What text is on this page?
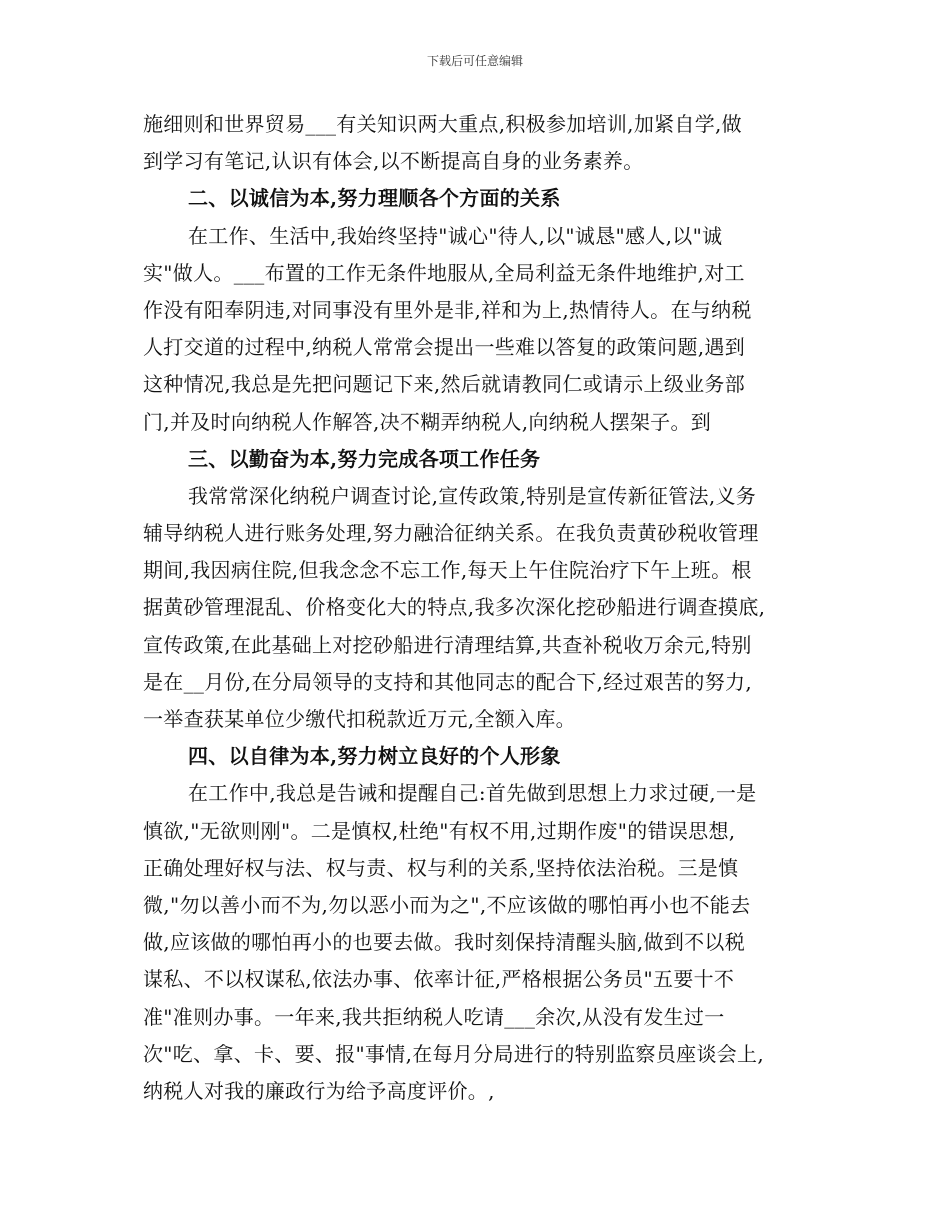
下载后可任意编辑
施细则和世界贸易___有关知识两大重点,积极参加培训,加紧自学,做
到学习有笔记,认识有体会,以不断提高自身的业务素养。
二、以诚信为本,努力理顺各个方面的关系
在工作、生活中,我始终坚持"诚心"待人,以"诚恳"感人,以"诚
实"做人。___布置的工作无条件地服从,全局利益无条件地维护,对工
作没有阳奉阴违,对同事没有里外是非,祥和为上,热情待人。在与纳税
人打交道的过程中,纳税人常常会提出一些难以答复的政策问题,遇到
这种情况,我总是先把问题记下来,然后就请教同仁或请示上级业务部
门,并及时向纳税人作解答,决不糊弄纳税人,向纳税人摆架子。到
三、以勤奋为本,努力完成各项工作任务
我常常深化纳税户调查讨论,宣传政策,特别是宣传新征管法,义务
辅导纳税人进行账务处理,努力融洽征纳关系。在我负责黄砂税收管理
期间,我因病住院,但我念念不忘工作,每天上午住院治疗下午上班。根
据黄砂管理混乱、价格变化大的特点,我多次深化挖砂船进行调查摸底,
宣传政策,在此基础上对挖砂船进行清理结算,共查补税收万余元,特别
是在__月份,在分局领导的支持和其他同志的配合下,经过艰苦的努力,
一举查获某单位少缴代扣税款近万元,全额入库。
四、以自律为本,努力树立良好的个人形象
在工作中,我总是告诫和提醒自己:首先做到思想上力求过硬,一是
慎欲,"无欲则刚"。二是慎权,杜绝"有权不用,过期作废"的错误思想,
正确处理好权与法、权与责、权与利的关系,坚持依法治税。三是慎
微,"勿以善小而不为,勿以恶小而为之",不应该做的哪怕再小也不能去
做,应该做的哪怕再小的也要去做。我时刻保持清醒头脑,做到不以税
谋私、不以权谋私,依法办事、依率计征,严格根据公务员"五要十不
准"准则办事。一年来,我共拒纳税人吃请___余次,从没有发生过一
次"吃、拿、卡、要、报"事情,在每月分局进行的特别监察员座谈会上,
纳税人对我的廉政行为给予高度评价。,
